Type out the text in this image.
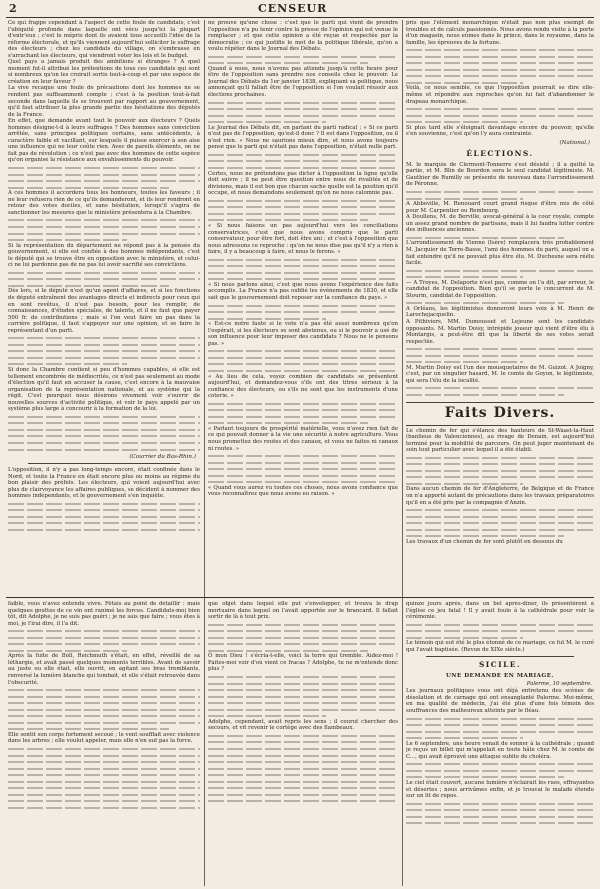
2	CENSEUR

Ce qui frappe cependant à l'aspect de cette foule de candidats, c'est l'ubiquité profonde dans laquelle ont vécu jusqu'ici la plupart d'entr'eux ; c'est le mépris dont ils avaient tous accueilli l'idée de la réforme électorale, et qu'ils viennent aujourd'hui solliciter le suffrage des électeurs ; chez les candidats du village, on s'embrasse en s'arrachant les électeurs, qui viendront voter les lois et le budget.

Quel pays a jamais produit des ambitions si étranges ? A quel moment fut-il attribué les prétentions de tous ces candidats qui sont si nombreux qu'on les croirait sortis tout-à-coup et par une espèce de création en leur faveur ?

La vive recaque une foule de précautions dont les hommes ne se rendent pas suffisamment compte ; c'est à la position tout-à-fait seconde dans laquelle ils se trouvent par rapport au gouvernement, qu'il faut attribuer la plus grande partie des hésitations des députés de la France.

En effet, que demande avant tout le pouvoir aux électeurs ? Quels hommes désigne-t-il à leurs suffrages ? Des hommes sans conviction arrêtée, sans principes politiques certains, sans antécédents, à caractère faible et vacillant, sur lesquels il puisse exercer à son aise une influence qui ne leur coûte rien. Avec de pareils éléments, on ne fait pas de révolution ; ce n'est pas avec des hommes de cette espèce qu'on organise la résistance aux envahissements du pouvoir.

A ces hommes il accordera tous les honneurs, toutes les faveurs ; il ne leur refusera rien de ce qu'ils demanderont, et ils leur rendront en retour des votes dociles, et sans hésitation, lorsqu'il s'agira de sanctionner les mesures que le ministère présentera à la Chambre.

Si la représentation du département ne répond pas à la pensée du gouvernement, si elle est confiée à des hommes indépendants, c'est le député qui se trouve être en opposition avec le ministère, et celui-ci ne lui pardonne pas de ne pas lui avoir sacrifié ses convictions.

Dès lors, si le député n'est qu'un agent d'affaires, et si les fonctions de député entraînent des avantages directs et indirects pour ceux qui en sont revêtus, il n'est pas besoin, pour les remplir, de connaissances, d'études spéciales, de talents, et il ne faut que payer 500 fr. de contributions ; mais si l'on veut faire un pas dans la carrière politique, il faut s'appuyer sur une opinion, et se faire le représentant d'un parti.

Si donc la Chambre contient si peu d'hommes capables, si elle est tellement encombrée de médiocrités, ce n'est pas seulement au mode d'élection qu'il faut en accuser la cause, c'est encore à la mauvaise organisation de la représentation nationale, et au système qui la régit. C'est pourquoi nous désirons vivement voir s'ouvrir de nouvelles sources d'activité politique, et voir le pays appelé par un système plus large à concourir à la formation de la loi.

(Courrier du Bas-Rhin.)

L'opposition, il n'y a pas long-temps encore, était confinée dans le Nord, et toute la France en était encore plus ou moins au régime du bon plaisir des préfets. Les électeurs, qui voient aujourd'hui avec plus de clairvoyance les affaires publiques, se décident à nommer des hommes indépendants, et le gouvernement s'en inquiète.

ne prouve qu'une chose : c'est que le parti qui vient de prendre l'opposition n'a pu tenir contre la presse de l'opinion qui est venue le remplacer ; et que cette opinion a été reçue et respectée par la démocratie ; ce qui justifie le mot de la politique libérale, qu'on a voulu répéter dans le Journal des Débats.

Quand à nous, nous n'avons pas attendu jusqu'à cette heure pour être de l'opposition sans prendre nos conseils chez le pouvoir. Le Journal des Débats du 1er janvier 1838, expliquant sa politique, nous annonçait qu'il fallait être de l'opposition si l'on voulait réussir aux élections prochaines.

Le Journal des Débats dit, en parlant du parti radical : « Si ce parti n'est pas de l'opposition, qu'est-il donc ? Il est dans l'opposition, ou il n'est rien. » Nous ne saurions mieux dire, et nous avons toujours pensé que le parti qui n'était pas dans l'opposition, n'était nulle part.

Certes, nous ne prétendons pas dicter à l'opposition la ligne qu'elle doit suivre ; il ne peut être question entre nous de rivalités et de divisions, mais il est bon que chacun sache quelle est la position qu'il occupe, et nous demandons seulement qu'on ne nous calomnie pas.

« Si nous faisons un pas aujourd'hui vers les conciliations conservatrices, c'est que nous avons compris que le parti conservateur, pour être fort, doit être uni ; et c'est à l'opposition que nous adressons ce reproche : qu'on ne nous dise pas qu'il n'y a rien à faire, il y a beaucoup à faire, et nous le ferons. »

« Si nous parlons ainsi, c'est que nous avons l'expérience des faits accomplis. La France n'a pas oublié les événements de 1830, et elle sait que le gouvernement doit reposer sur la confiance du pays. »

« Est-ce notre faute si le vote n'a pas été aussi nombreux qu'on l'espérait, si les électeurs se sont abstenus, ou si le pouvoir a usé de son influence pour leur imposer des candidats ? Nous ne le pensons pas. »

« Au lieu de cela, voyez combien de candidats se présentent aujourd'hui, et demandez-vous s'ils ont des titres sérieux à la confiance des électeurs, ou s'ils ne sont que les instruments d'une coterie. »

« Parlant toujours de prospérité matérielle, vous n'avez rien fait de ce qui pouvait donner à la vie une sécurité à notre agriculture. Vous nous promettez des routes et des canaux, et vous ne faites ni canaux ni routes. »

« Quand vous aurez vu toutes ces choses, nous avons confiance que vous reconnaîtrez que nous avons eu raison. »

pris que l'élément monarchique n'était pas non plus exempt de troubles et de calculs passionnés. Nous avons rendu visite à la porte d'un magasin, nous eûmes dans le prince, dans le royaume, dans la famille, les épreuves de la fortune.

Voilà, ce nous semble, ce que l'opposition pourrait se dire elle-même et répondre aux reproches qu'on lui fait d'abandonner le drapeau monarchique.

Si plus tard elle s'éloignait davantage encore du pouvoir, qu'elle s'en souvienne, c'est qu'on l'y aura contrainte.

(National.)
ÉLECTIONS.

M. le marquis de Clermont-Tonnerre s'est désisté ; il a quitté la partie, et M. Blin de Bourdon sera le seul candidat légitimiste. M. Gauthier de Rumilly se présente de nouveau dans l'arrondissement de Péronne.

A Abbeville, M. Renouard court grand risque d'être mis de côté pour M. Carpentier ou Rembourg.

A Doullens, M. de Berville, avocat-général à la cour royale, compte un assez grand nombre de partisans, mais il lui faudra lutter contre des influences anciennes.

L'arrondissement de Vienne (Isère) remplacera très probablement M. Jacquier de Terre-Basse, l'ami des hommes du parti, auquel on a fait entendre qu'il ne pouvait plus être élu. M. Duchesne sera réélu facile.

— A Troyes, M. Delaporte n'est pas, comme on l'a dit, par erreur, le candidat de l'opposition. Bien qu'il se porte le concurrent de M. Stourm, candidat de l'opposition.

A Orléans, les légitimistes donneront leurs voix à M. Henri de Larochejacquelin.

A Pithiviers, MM. Dumousset et Lejeune sont les candidats opposants. M. Martin Doisy, intrépide joueur qui vient d'être élu à Montargis, a peut-être dit que la liberté de ses votes serait respectée.

M. Martin Doisy est l'un des mousquetaires de M. Guizot. A Joigny, c'est, par un singulier hasard, M. le comte de Goyon, le légitimiste, qui sera l'élu de la localité.

Faits Divers.

Le chemin de fer qui s'élance des hauteurs de St-Waast-la-Haut (banlieue de Valenciennes), au rivage de Denain, est aujourd'hui terminé pour la mobilité du parcours. On peut juger maintenant du soin tout particulier avec lequel il a été établi.

Dans aucun chemin de fer d'Angleterre, de Belgique et de France on n'a apporté autant de précautions dans les travaux préparatoires qu'il en a été pris par la compagnie d'Anzin.

Les travaux d'un chemin de fer sont plutôt en dessous du

faible, vous n'avez entendu vivre. Fêtais au point de détaillir : mais quelques gouttes de ce vin ont ranimé les forces. Candidats-moi bien tôt, dit Adolphe, je ne suis pas guéri ; je ne sais que faire ; vous êtes à moi, je l'irai dire, il l'a dit.

Après la fuite de Boll, Reichmuth s'était, en effet, réveillé de sa léthargie, et avait passé quelques moments terribles. Avant de savoir au juste ou elle était, elle ouvrit, en agitant ses bras tremblants, renversé la lumière blanche qui tombait, et elle s'était retrouvée dans l'obscurité.

Elle sentit son corps fortement secoué ; le vent soufflait avec violence dans les arbres ; elle voulut appeler, mais elle n'en eut pas la force.

que objet dans lequel elle put s'envelopper, et trouva le drap mortuaire dans lequel on l'avait apportée sur le brancard. Il fallait sortir de là à tout prix.

Ô mon Dieu ! s'écria-t-elle, voici la terre qui tremble. Aidez-moi ! Faites-moi voir d'où vient ce fracas ? Adolphe, tu ne m'entends donc plus ?

Adolphe, cependant, avait repris les sens ; il courut chercher des secours, et vit revenir le cortège avec des flambeaux.

quinze jours après, dans un bel après-dîner, ils présentèrent à l'église ce jeu fatal ! Il y avait foule à la cathédrale pour voir la cérémonie.

Le témoin qui eut été le plus étonné de ce mariage, ce fut M. le curé qui l'avait baptisée. (Revue de XIXe siècle.)

SICILE.
UNE DEMANDE EN MARIAGE.
Palerme, 10 septembre.

Les journaux politiques vous ont déjà entretenu des scènes de désolation et de carnage qui ont ensanglanté Palerme. Moi-même, en ma qualité de médecin, j'ai été plus d'une fois témoin des souffrances des malheureux atteints par le fléau.

Le 6 septembre, une heure venait de sonner à la cathédrale ; quand je reçus un billet qui m'appelait en toute hâte chez M. le comte de C..., qui avait éprouvé une attaque subite de choléra.

Le ciel était couvert, aucune lumière n'éclairait les rues, effrayantes et désertes ; nous arrivâmes enfin, et je trouvai le malade étendu sur un lit de repos.
